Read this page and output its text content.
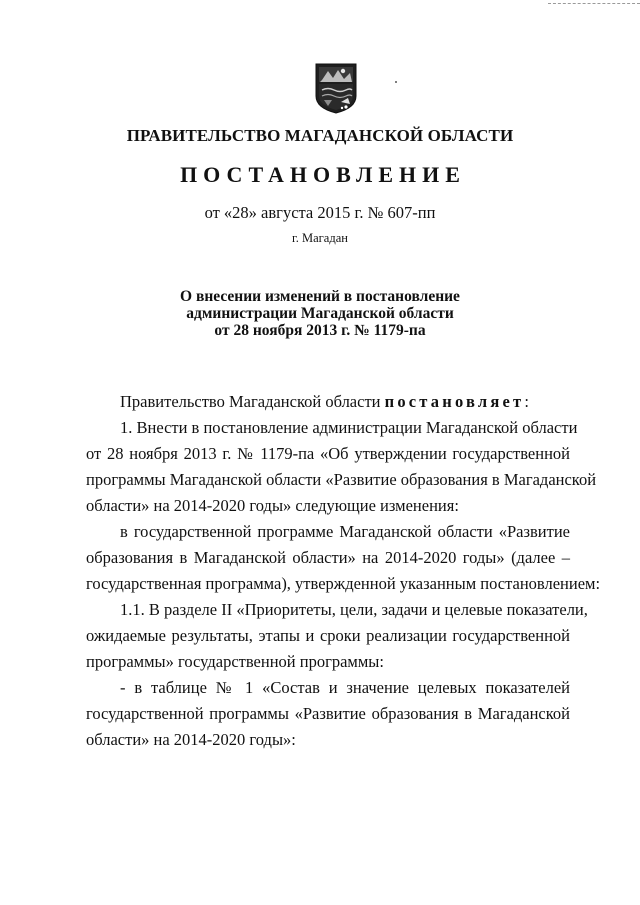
ПРАВИТЕЛЬСТВО МАГАДАНСКОЙ ОБЛАСТИ
ПОСТАНОВЛЕНИЕ
от «28» августа 2015 г. № 607-пп
г. Магадан
О внесении изменений в постановление
администрации Магаданской области
от 28 ноября 2013 г. № 1179-па
Правительство Магаданской области постановляет:
1. Внести в постановление администрации Магаданской области
от 28 ноября 2013 г. № 1179-па «Об утверждении государственной
программы Магаданской области «Развитие образования в Магаданской
области» на 2014-2020 годы» следующие изменения:
в государственной программе Магаданской области «Развитие
образования в Магаданской области» на 2014-2020 годы» (далее –
государственная программа), утвержденной указанным постановлением:
1.1. В разделе II «Приоритеты, цели, задачи и целевые показатели,
ожидаемые результаты, этапы и сроки реализации государственной
программы» государственной программы:
- в таблице № 1 «Состав и значение целевых показателей
государственной программы «Развитие образования в Магаданской
области» на 2014-2020 годы»:
